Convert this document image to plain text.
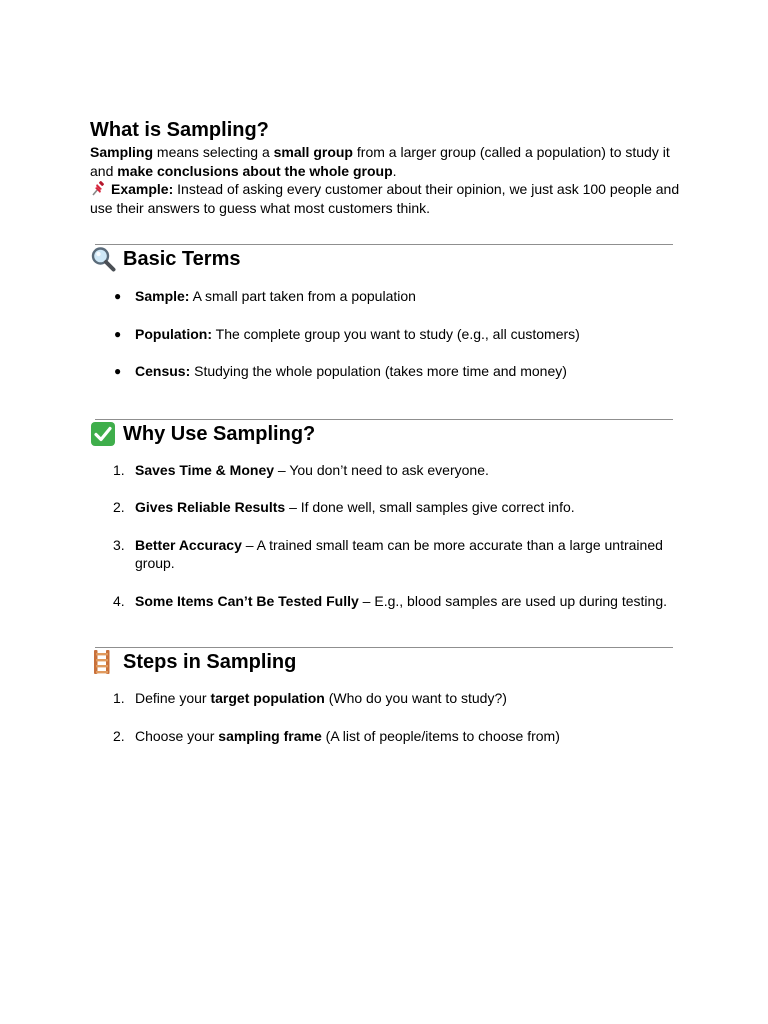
What is Sampling?

Sampling means selecting a small group from a larger group (called a population) to study it and make conclusions about the whole group.

Example: Instead of asking every customer about their opinion, we just ask 100 people and use their answers to guess what most customers think.

Basic Terms
● Sample: A small part taken from a population
● Population: The complete group you want to study (e.g., all customers)
● Census: Studying the whole population (takes more time and money)
Why Use Sampling?
1. Saves Time & Money – You don’t need to ask everyone.
2. Gives Reliable Results – If done well, small samples give correct info.
3. Better Accuracy – A trained small team can be more accurate than a large untrained group.
4. Some Items Can’t Be Tested Fully – E.g., blood samples are used up during testing.
Steps in Sampling
1. Define your target population (Who do you want to study?)
2. Choose your sampling frame (A list of people/items to choose from)
